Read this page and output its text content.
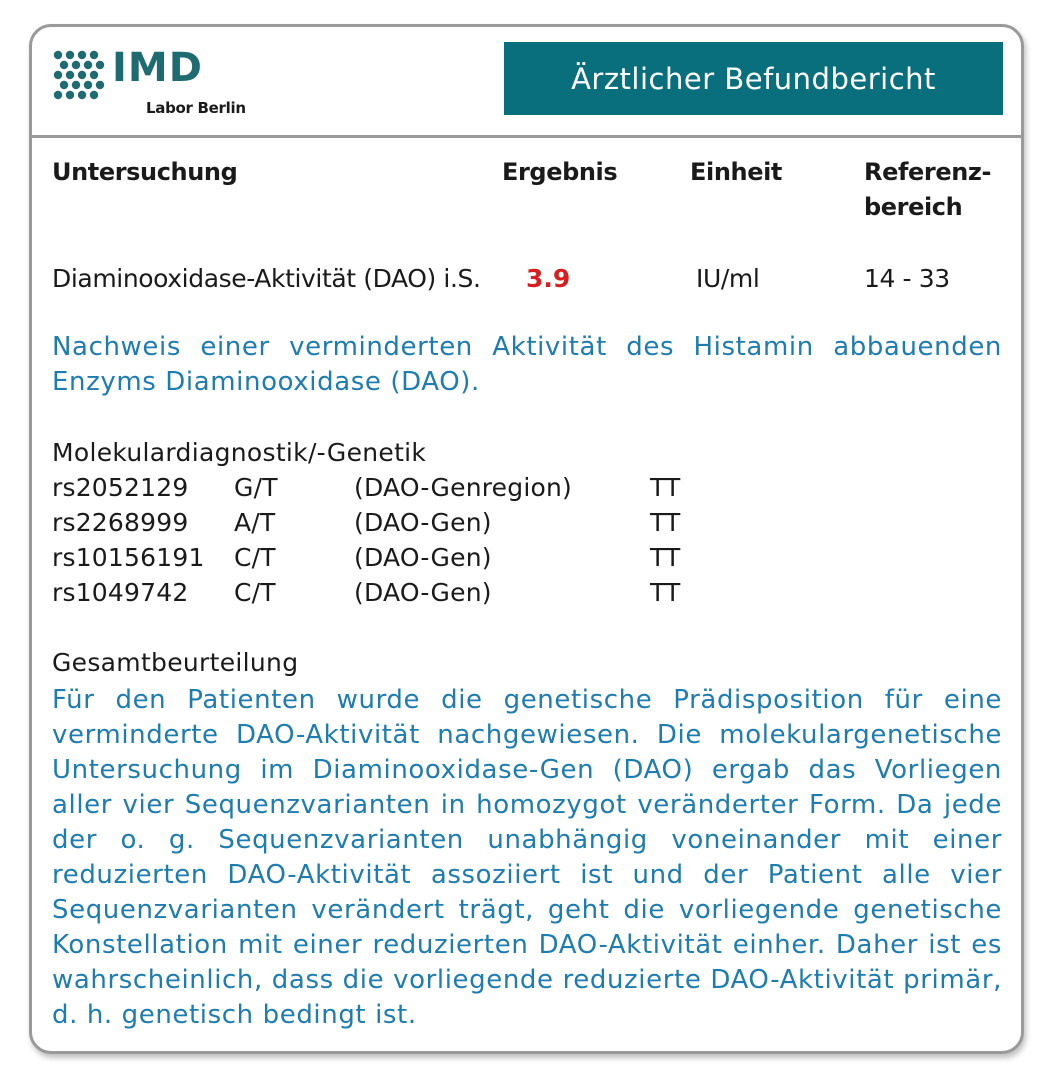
IMD
Labor Berlin
Ärztlicher Befundbericht
Untersuchung	Ergebnis	Einheit	Referenz-
bereich
Diaminooxidase-Aktivität (DAO) i.S. 3.9	IU/ml	14 - 33

Nachweis einer verminderten Aktivität des Histamin abbauenden Enzyms Diaminooxidase (DAO).

Molekulardiagnostik/-Genetik
rs2052129 G/T	(DAO-Genregion)	TT
rs2268999 A/T	(DAO-Gen)	TT
rs10156191 C/T	(DAO-Gen)	TT
rs1049742 C/T	(DAO-Gen)	TT
Gesamtbeurteilung

Für den Patienten wurde die genetische Prädisposition für eine verminderte DAO-Aktivität nachgewiesen. Die molekulargenetische Untersuchung im Diaminooxidase-Gen (DAO) ergab das Vorliegen aller vier Sequenzvarianten in homozygot veränderter Form. Da jede der o. g. Sequenzvarianten unabhängig voneinander mit einer reduzierten DAO-Aktivität assoziiert ist und der Patient alle vier Sequenzvarianten verändert trägt, geht die vorliegende genetische Konstellation mit einer reduzierten DAO-Aktivität einher. Daher ist es wahrscheinlich, dass die vorliegende reduzierte DAO-Aktivität primär, d. h. genetisch bedingt ist.
